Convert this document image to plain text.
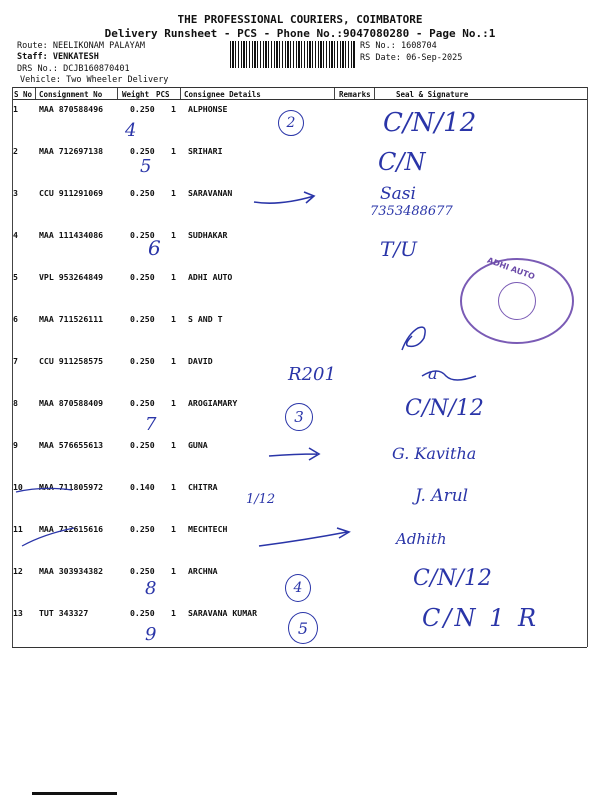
THE PROFESSIONAL COURIERS, COIMBATORE
Delivery Runsheet - PCS - Phone No.:9047080280 - Page No.:1
Route: NEELIKONAM PALAYAM
Staff: VENKATESH
DRS No.: DCJB160870401
Vehicle: Two Wheeler Delivery
RS No.: 1608704
RS Date: 06-Sep-2025
S No Consignment No	Weight PCS Consignee Details	Remarks	Seal & Signature
1	MAA 870588496	0.250 1 ALPHONSE
2	MAA 712697138	0.250 1 SRIHARI
3	CCU 911291069	0.250 1 SARAVANAN
4	MAA 111434086	0.250 1 SUDHAKAR
5	VPL 953264849	0.250 1 ADHI AUTO
6	MAA 711526111	0.250 1 S AND T
7	CCU 911258575	0.250 1 DAVID
8	MAA 870588409	0.250 1 AROGIAMARY
9	MAA 576655613	0.250 1 GUNA
10 MAA 711805972	0.140 1 CHITRA
11 MAA 712615616	0.250 1 MECHTECH
12 MAA 303934382	0.250 1 ARCHNA
13 TUT 343327	0.250 1 SARAVANA KUMAR
4	2	C/N/12
5	C/N
Sasi
7353488677
6	T/U
ADHI AUTO
R201	a
7	3	C/N/12
G. Kavitha
1/12	J. Arul
Adhith
8	4	C/N/12
9	5	C/N 1 R
